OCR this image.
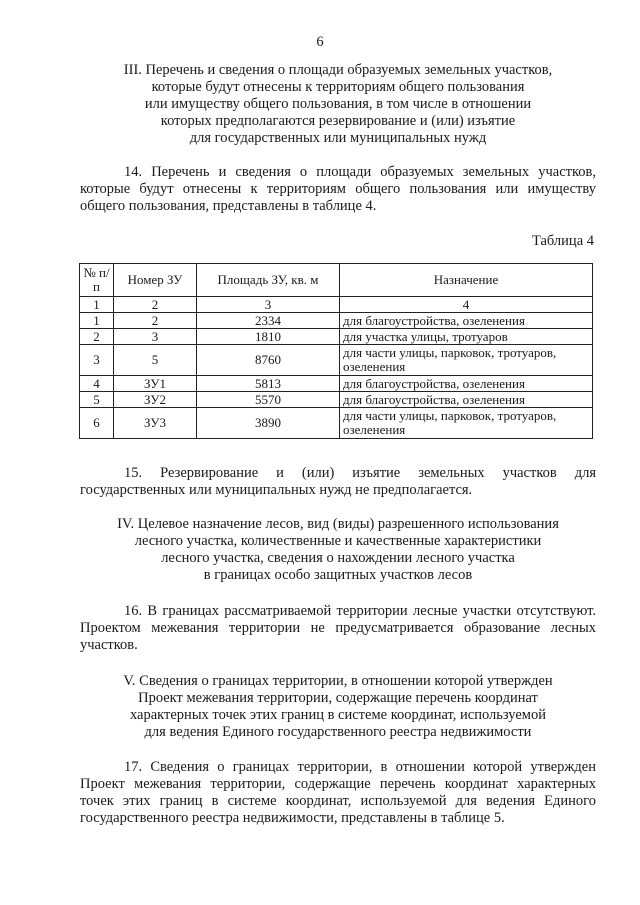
6
III. Перечень и сведения о площади образуемых земельных участков,
которые будут отнесены к территориям общего пользования
или имуществу общего пользования, в том числе в отношении
которых предполагаются резервирование и (или) изъятие
для государственных или муниципальных нужд
14. Перечень и сведения о площади образуемых земельных участков, которые будут отнесены к территориям общего пользования или имуществу общего пользования, представлены в таблице 4.
Таблица 4
№ п/п	Номер ЗУ	Площадь ЗУ, кв. м	Назначение
1	2	3	4
1	2	2334	для благоустройства, озеленения
2	3	1810	для участка улицы, тротуаров
3	5	8760	для части улицы, парковок, тротуаров, озеленения
4	ЗУ1	5813	для благоустройства, озеленения
5	ЗУ2	5570	для благоустройства, озеленения
6	ЗУ3	3890	для части улицы, парковок, тротуаров, озеленения
15. Резервирование и (или) изъятие земельных участков для государственных или муниципальных нужд не предполагается.
IV. Целевое назначение лесов, вид (виды) разрешенного использования
лесного участка, количественные и качественные характеристики
лесного участка, сведения о нахождении лесного участка
в границах особо защитных участков лесов
16. В границах рассматриваемой территории лесные участки отсутствуют. Проектом межевания территории не предусматривается образование лесных участков.
V. Сведения о границах территории, в отношении которой утвержден
Проект межевания территории, содержащие перечень координат
характерных точек этих границ в системе координат, используемой
для ведения Единого государственного реестра недвижимости
17. Сведения о границах территории, в отношении которой утвержден Проект межевания территории, содержащие перечень координат характерных точек этих границ в системе координат, используемой для ведения Единого государственного реестра недвижимости, представлены в таблице 5.
